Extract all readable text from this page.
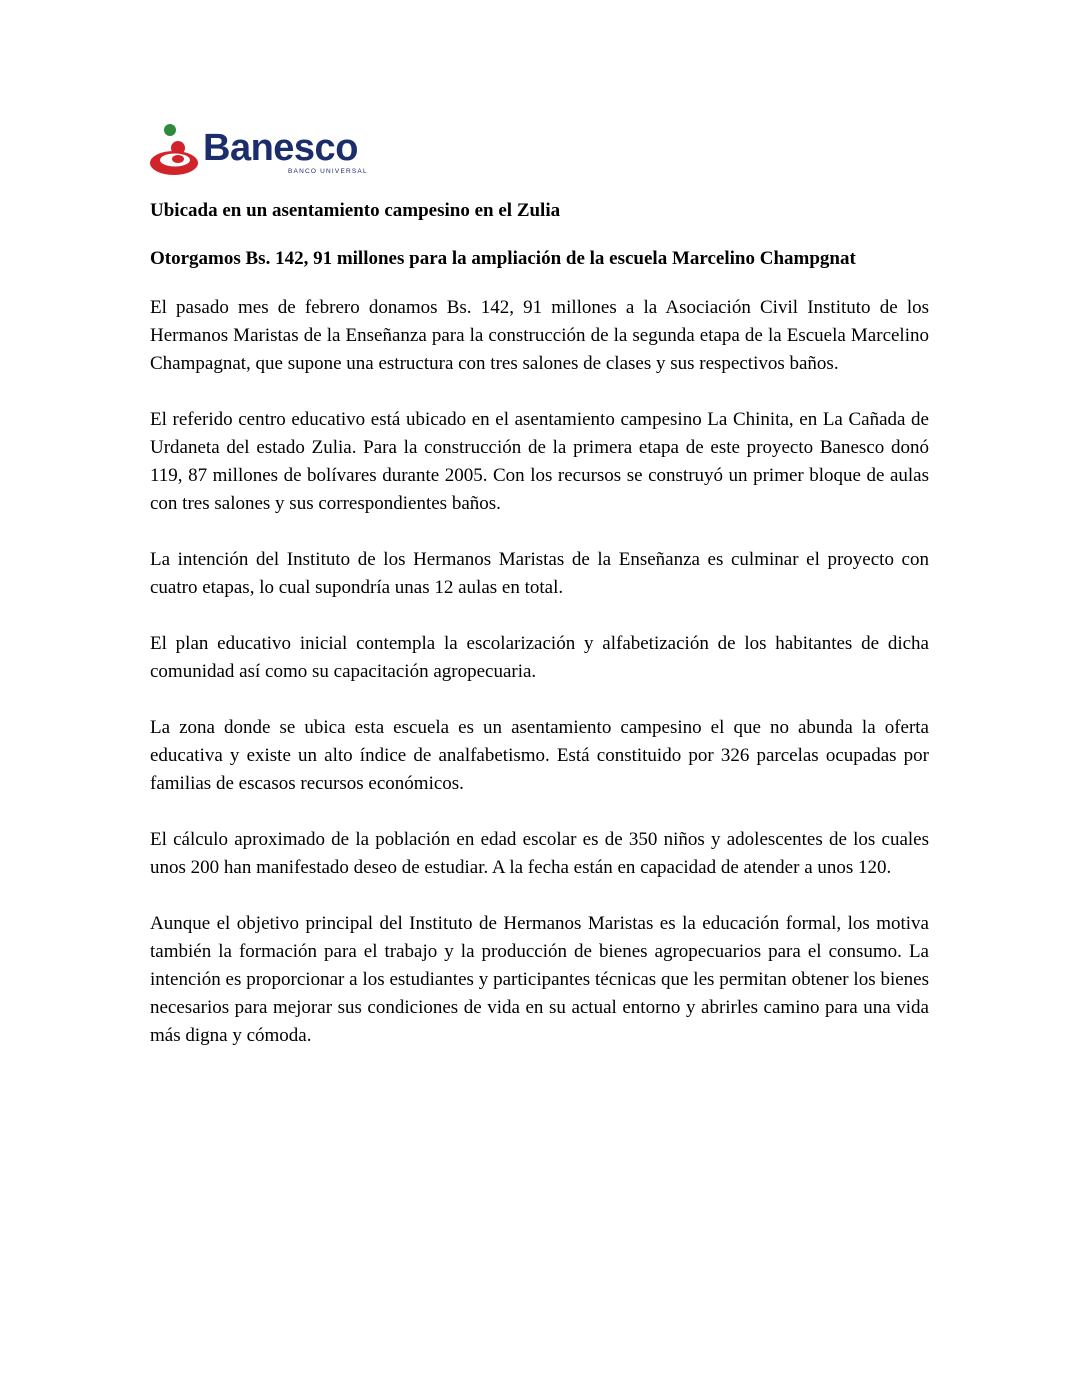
Banesco
BANCO UNIVERSAL

Ubicada en un asentamiento campesino en el Zulia

Otorgamos Bs. 142, 91 millones para la ampliación de la escuela Marcelino Champgnat

El pasado mes de febrero donamos Bs. 142, 91 millones a la Asociación Civil Instituto de los Hermanos Maristas de la Enseñanza para la construcción de la segunda etapa de la Escuela Marcelino Champagnat, que supone una estructura con tres salones de clases y sus respectivos baños.

El referido centro educativo está ubicado en el asentamiento campesino La Chinita, en La Cañada de Urdaneta del estado Zulia. Para la construcción de la primera etapa de este proyecto Banesco donó 119, 87 millones de bolívares durante 2005. Con los recursos se construyó un primer bloque de aulas con tres salones y sus correspondientes baños.

La intención del Instituto de los Hermanos Maristas de la Enseñanza es culminar el proyecto con cuatro etapas, lo cual supondría unas 12 aulas en total.

El plan educativo inicial contempla la escolarización y alfabetización de los habitantes de dicha comunidad así como su capacitación agropecuaria.

La zona donde se ubica esta escuela es un asentamiento campesino el que no abunda la oferta educativa y existe un alto índice de analfabetismo. Está constituido por 326 parcelas ocupadas por familias de escasos recursos económicos.

El cálculo aproximado de la población en edad escolar es de 350 niños y adolescentes de los cuales unos 200 han manifestado deseo de estudiar. A la fecha están en capacidad de atender a unos 120.

Aunque el objetivo principal del Instituto de Hermanos Maristas es la educación formal, los motiva también la formación para el trabajo y la producción de bienes agropecuarios para el consumo. La intención es proporcionar a los estudiantes y participantes técnicas que les permitan obtener los bienes necesarios para mejorar sus condiciones de vida en su actual entorno y abrirles camino para una vida más digna y cómoda.
